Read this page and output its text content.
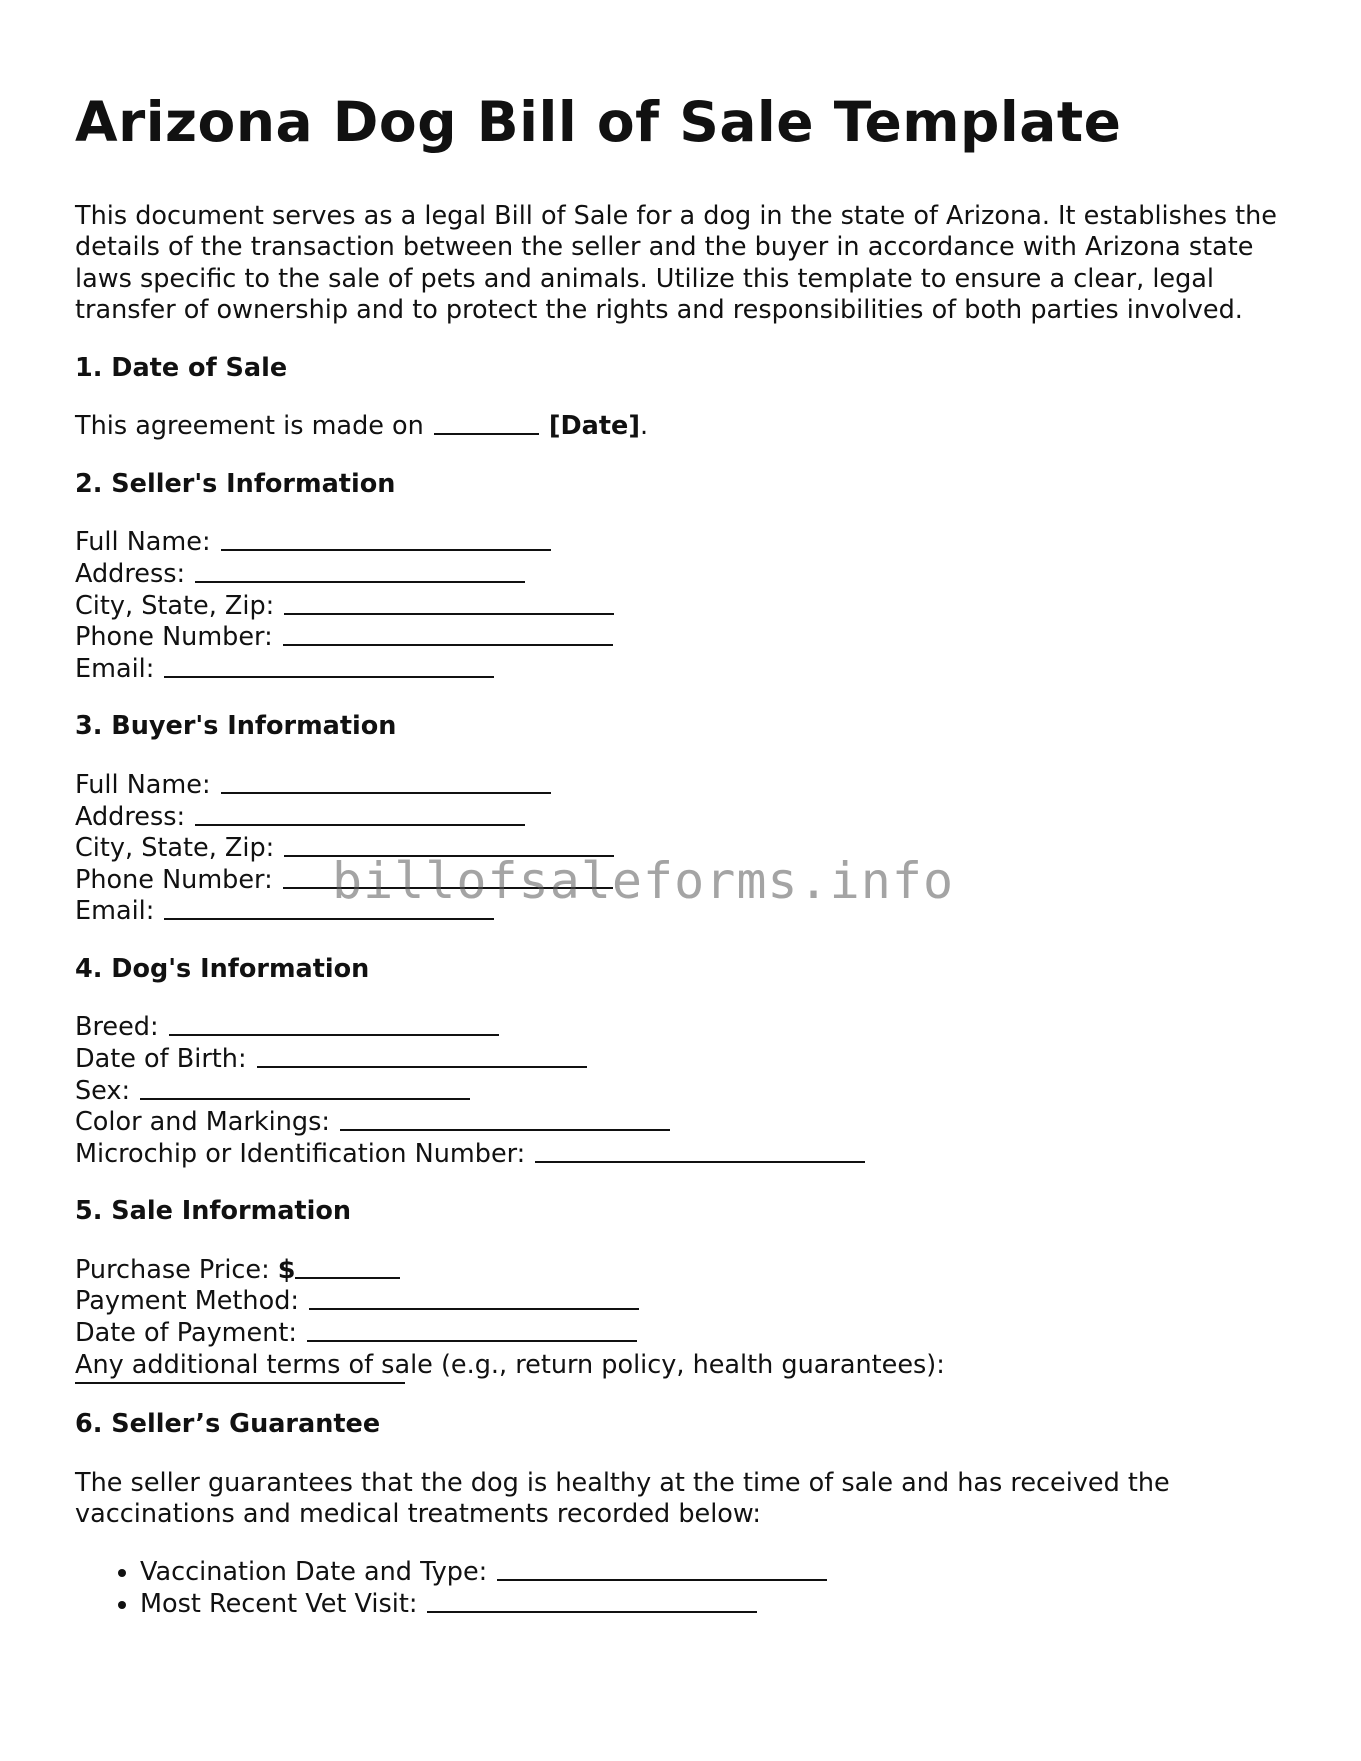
Arizona Dog Bill of Sale Template

This document serves as a legal Bill of Sale for a dog in the state of Arizona. It establishes the details of the transaction between the seller and the buyer in accordance with Arizona state laws specific to the sale of pets and animals. Utilize this template to ensure a clear, legal transfer of ownership and to protect the rights and responsibilities of both parties involved.

1. Date of Sale
This agreement is made on	[Date] .
2. Seller's Information
Full Name:
Address:
City, State, Zip:
Phone Number:
Email:
3. Buyer's Information
Full Name:
Address:
City, State, Zip:
Phone Number:
Email:
4. Dog's Information
Breed:
Date of Birth:
Sex:
Color and Markings:
Microchip or Identification Number:
5. Sale Information
Purchase Price: $
Payment Method:
Date of Payment:
Any additional terms of sale (e.g., return policy, health guarantees):
6. Seller’s Guarantee
The seller guarantees that the dog is healthy at the time of sale and has received the vaccinations and medical treatments recorded below:
• Vaccination Date and Type:
• Most Recent Vet Visit:
billofsaleforms.info
